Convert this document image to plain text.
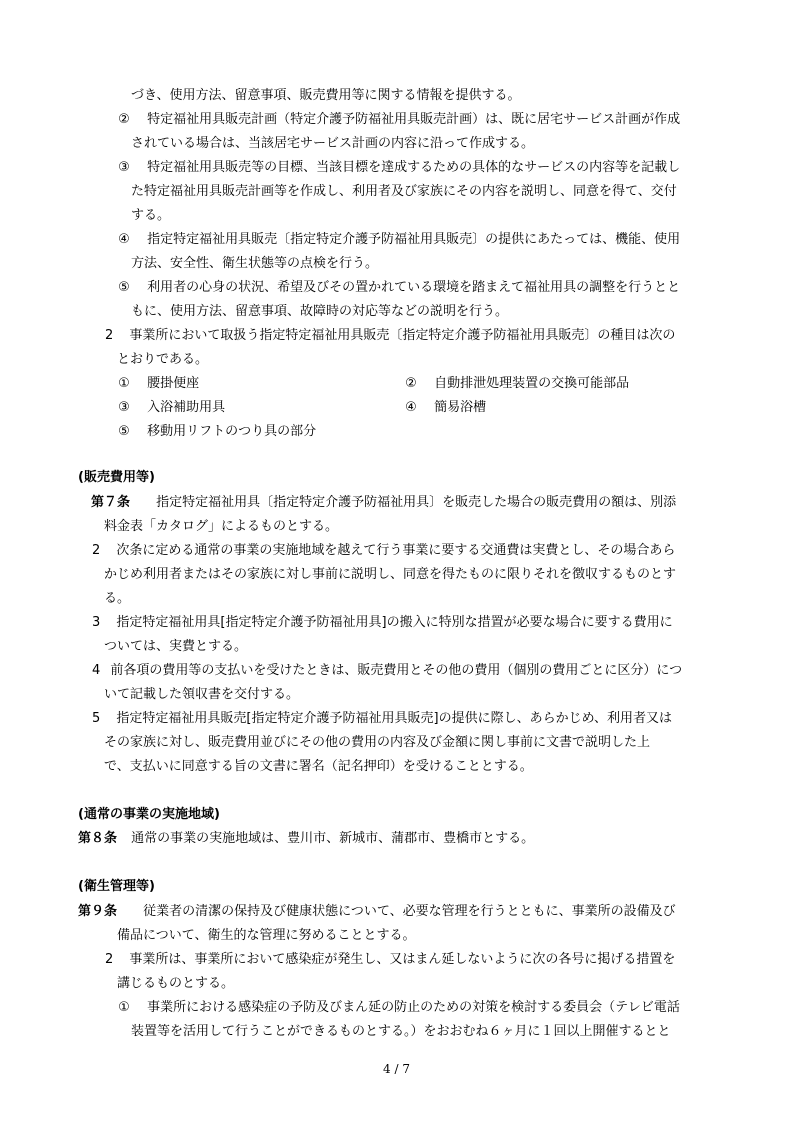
づき、使用方法、留意事項、販売費用等に関する情報を提供する。
② 特定福祉用具販売計画（特定介護予防福祉用具販売計画）は、既に居宅サービス計画が作成
されている場合は、当該居宅サービス計画の内容に沿って作成する。
③ 特定福祉用具販売等の目標、当該目標を達成するための具体的なサービスの内容等を記載し
た特定福祉用具販売計画等を作成し、利用者及び家族にその内容を説明し、同意を得て、交付
する。
④ 指定特定福祉用具販売〔指定特定介護予防福祉用具販売〕の提供にあたっては、機能、使用
方法、安全性、衛生状態等の点検を行う。
⑤ 利用者の心身の状況、希望及びその置かれている環境を踏まえて福祉用具の調整を行うとと
もに、使用方法、留意事項、故障時の対応等などの説明を行う。
2 事業所において取扱う指定特定福祉用具販売〔指定特定介護予防福祉用具販売〕の種目は次の
とおりである。
① 腰掛便座	② 自動排泄処理装置の交換可能部品
③ 入浴補助用具	④ 簡易浴槽
⑤ 移動用リフトのつり具の部分
(販売費用等)
第７条 指定特定福祉用具〔指定特定介護予防福祉用具〕を販売した場合の販売費用の額は、別添
料金表「カタログ」によるものとする。
2 次条に定める通常の事業の実施地域を越えて行う事業に要する交通費は実費とし、その場合あら
かじめ利用者またはその家族に対し事前に説明し、同意を得たものに限りそれを徴収するものとす
る。
3 指定特定福祉用具[指定特定介護予防福祉用具]の搬入に特別な措置が必要な場合に要する費用に
ついては、実費とする。
4 前各項の費用等の支払いを受けたときは、販売費用とその他の費用（個別の費用ごとに区分）につ
いて記載した領収書を交付する。
5 指定特定福祉用具販売[指定特定介護予防福祉用具販売]の提供に際し、あらかじめ、利用者又は
その家族に対し、販売費用並びにその他の費用の内容及び金額に関し事前に文書で説明した上
で、支払いに同意する旨の文書に署名（記名押印）を受けることとする。
(通常の事業の実施地域)
第８条 通常の事業の実施地域は、豊川市、新城市、蒲郡市、豊橋市とする。
(衛生管理等)
第９条 従業者の清潔の保持及び健康状態について、必要な管理を行うとともに、事業所の設備及び
備品について、衛生的な管理に努めることとする。
2 事業所は、事業所において感染症が発生し、又はまん延しないように次の各号に掲げる措置を
講じるものとする。
① 事業所における感染症の予防及びまん延の防止のための対策を検討する委員会（テレビ電話
装置等を活用して行うことができるものとする。）をおおむね６ヶ月に１回以上開催するとと
4 / 7
